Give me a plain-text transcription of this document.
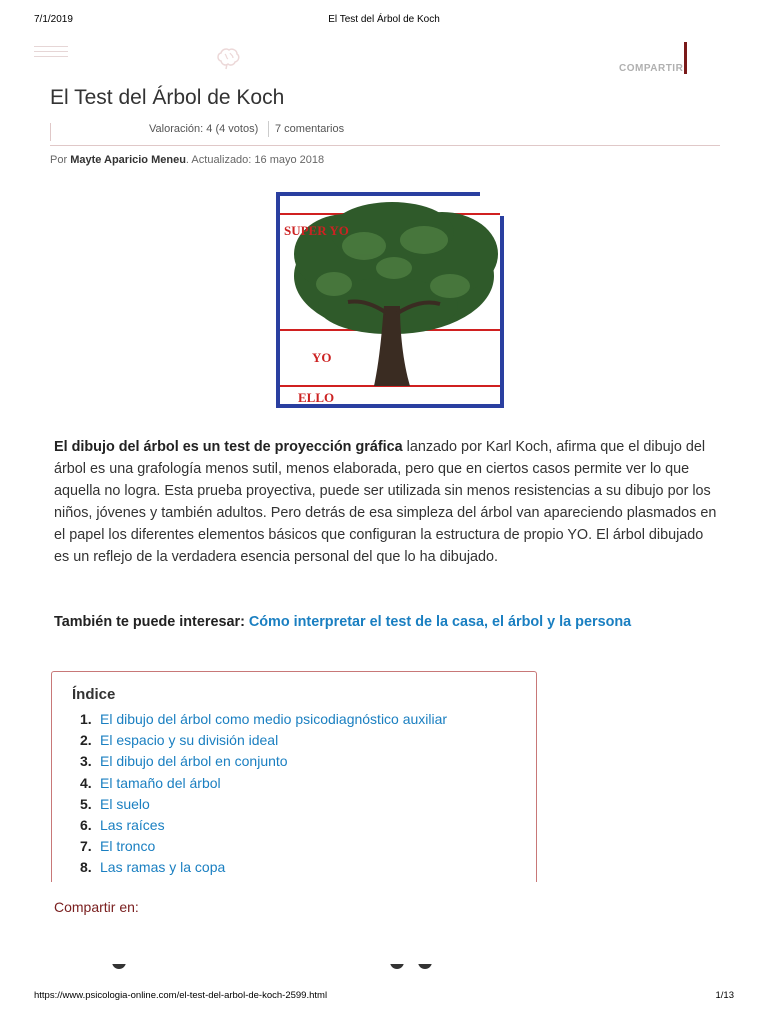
7/1/2019	El Test del Árbol de Koch
COMPARTIR
El Test del Árbol de Koch
Valoración: 4 (4 votos) 7 comentarios
Por Mayte Aparicio Meneu. Actualizado: 16 mayo 2018
SUPER YO
YO
ELLO

El dibujo del árbol es un test de proyección gráfica lanzado por Karl Koch, afirma que el dibujo del árbol es una grafología menos sutil, menos elaborada, pero que en ciertos casos permite ver lo que aquella no logra. Esta prueba proyectiva, puede ser utilizada sin menos resistencias a su dibujo por los niños, jóvenes y también adultos. Pero detrás de esa simpleza del árbol van apareciendo plasmados en el papel los diferentes elementos básicos que configuran la estructura de propio YO. El árbol dibujado es un reflejo de la verdadera esencia personal del que lo ha dibujado.

También te puede interesar: Cómo interpretar el test de la casa, el árbol y la persona
Índice
1. El dibujo del árbol como medio psicodiagnóstico auxiliar
2. El espacio y su división ideal
3. El dibujo del árbol en conjunto
4. El tamaño del árbol
5. El suelo
6. Las raíces
7. El tronco
8. Las ramas y la copa
Compartir en:
https://www.psicologia-online.com/el-test-del-arbol-de-koch-2599.html	1/13
